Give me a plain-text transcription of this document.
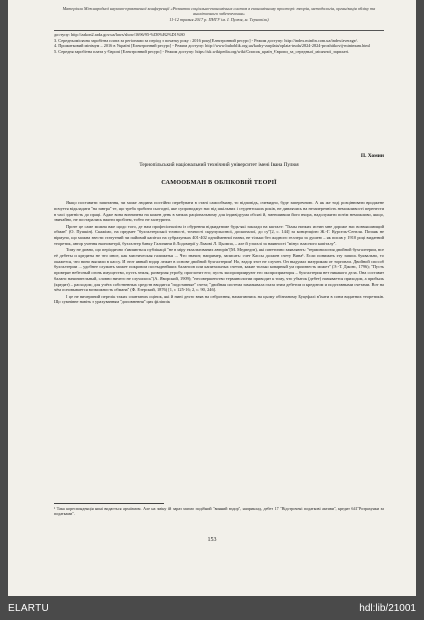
Матеріали Міжнародної науково-практичної конференції «Розвиток соціально-економічних систем в економічному просторі: теорія, методологія, організація обліку та аналітичного забезпечення»
11-12 травня 2017 р. ПНТУ ім. І. Пулюя, м. Тернопіль)
доступу: http://zakon2.rada.gov.ua/laws/show/1696/95-%D0%B2%D1%80
3. Середньомісячна заробітна плата за регіонами за період з початку року : 2016 року[Електронний ресурс] - Режим доступу: http://index.minfin.com.ua/index/average/.
4. Прожитковий мінімум – 2016 в Україні [Електронний ресурс] - Режим доступу: http://www.buhoblik.org.ua/kadry-zarplata/oplata-truda/2824-2824-prozhitkovij-minimum.html
5. Середня заробітна плата у Європі [Електронний ресурс] - Режим доступу: https://uk.wikipedia.org/wiki/Список_країн_Європи_за_середньої_місячної_зарплаті.
П. Хомин
Тернопільський національний технічний університет імені Івана Пулюя
САМООБМАН В ОБЛІКОВІЙ ТЕОРІЇ

Якщо поставити запитання, чи може людина постійно перебувати в стані самообману, то відповідь, очевидно, буде заперечною. А як же тоді розцінювати вроджене почуття відкладати ''на завтра'' те, що треба зробити сьогодні, яке супроводжує нас від шкільних і студентських років, не дивлячись на незаперечність неможливості перенести в часі здатність до праці. Адже вона визначена на кожен день в межах раціональному для індивідуума обсязі й, зменшивши його вчора, надолужити потім неможливо, якщо, звичайно, не постарались вжити проблем, тобто не халтурити.

Проте це саме можна вже щодо того, де нам професіоналізм із обурення відкидатиме будь-які заклади на кшталт: ''Тьмы низких истин мне дороже нас возвышающий обман'' (О. Пушкін). Скажімо, на предмет ''бухгалтерської точності, точності скрупульозної, досконалої, до су''[2, с. 144] за концепцією Ж.-Г. Курсель-Сенєля. Позаяк не вірмуно, що можна звести статутний чи пайовий капітал на субрахунках 401-402 однойменної назви, не тільки без жодного геллера за душею – як писав у 1910 році видатний теоретик, автор учення економетрії, бухгалтер банку Галичини й Лодомерії у Львові Л. Цьомпа, – але й узагалі за наявності ''мінус власного капіталу''.

Тому не дивно, що періодично з'являються публікації ''не в міру екзальтованих авторів''(М. Медведєв), які патетично заявляють: ''терминология двойной бухгалтерии, все её дебеты и кредиты не что иное, как мистическая галиматья ... Что значит, например, записать: счет Кассы должен счету Вина¹. Если понимать эту запись буквально, то окажется, что вино выпили в кассу. И этот явный вздор лежит в основе двойной бухгалтерии! Но, вздор этот не случен. Он выдумал мазурикам от торговли. Двойной способ бухгалтерии ... удобнее служить может покровом постыднейших балансов или капитальных счетов, какие только коварный ум произвесть может'' (Э.-Т. Джонс, 1796); ''Пусть проверят небесный огонь имущество, пусть земля, разверзая утробу, проглотит его; пусть экспроприируют его экспроприаторы – бухгалтерия нет никакого дела. Она составит баланс начинательный, словно ничего не случилось''(А. Яворский, 1909); ''несовершенство терминологии приводит к тому, что убыток (дебет) называется приходом, а прибыль (кредит) – расходом; для учёта собственных средств вводятся ''подставные'' счета; ''двойная система замазывала глаза этим дебетом и кредитом и подставными счетами. Вот на чём основывается возможность обмана'' (Ф. Езерский, 1876) [1, с 125-16; 2, с. 90, 246].

І це не вичерпний перелік таких спантаних оцінок, які й нині дехто взяв на озброєння, намагаючись на цьому обізнаному Буцефалі в'їхати в сонм видатних теоретиків. Що сумнівне навіть з урахуванням ''доповнення'' цих філіппік

¹ Така кореспонденція нині видається архаїзмом. Але на зміну їй зараз маємо подібний ''винний вздор'', наприклад, дебет 17 ''Відстрочені податкові активи'', кредит 641''Розрахунки за податками''.
153
ELARTU	hdl:lib/21001
